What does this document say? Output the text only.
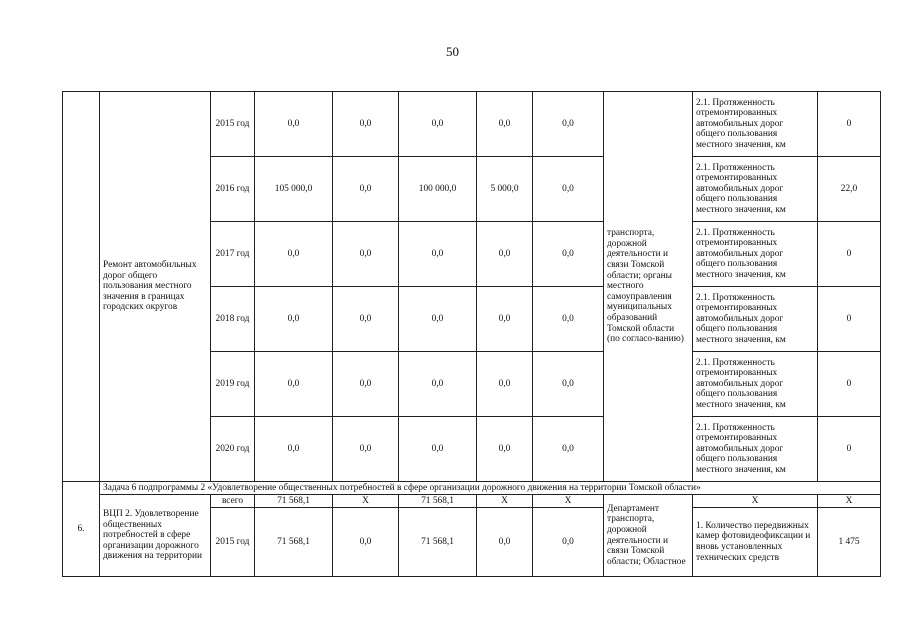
50
	Ремонт автомобильных дорог общего пользования местного значения в границах городских округов	2015 год	0,0	0,0	0,0	0,0	0,0	транспорта, дорожной деятельности и связи Томской области; органы местного самоуправления муниципальных образований Томской области (по согласо-ванию)	2.1. Протяженность отремонтированных автомобильных дорог общего пользования местного значения, км	0
		2016 год	105 000,0	0,0	100 000,0	5 000,0	0,0		2.1. Протяженность отремонтированных автомобильных дорог общего пользования местного значения, км	22,0
		2017 год	0,0	0,0	0,0	0,0	0,0		2.1. Протяженность отремонтированных автомобильных дорог общего пользования местного значения, км	0
		2018 год	0,0	0,0	0,0	0,0	0,0		2.1. Протяженность отремонтированных автомобильных дорог общего пользования местного значения, км	0
		2019 год	0,0	0,0	0,0	0,0	0,0		2.1. Протяженность отремонтированных автомобильных дорог общего пользования местного значения, км	0
		2020 год	0,0	0,0	0,0	0,0	0,0		2.1. Протяженность отремонтированных автомобильных дорог общего пользования местного значения, км	0
6.	Задача 6 подпрограммы 2 «Удовлетворение общественных потребностей в сфере организации дорожного движения на территории Томской области»									
	ВЦП 2. Удовлетворение общественных потребностей в сфере организации дорожного движения на территории	всего	71 568,1	X	71 568,1	X	X	Департамент транспорта, дорожной деятельности и связи Томской области; Областное	X	X
		2015 год	71 568,1	0,0	71 568,1	0,0	0,0		1. Количество передвижных камер фотовидеофиксации и вновь установленных технических средств	1 475
